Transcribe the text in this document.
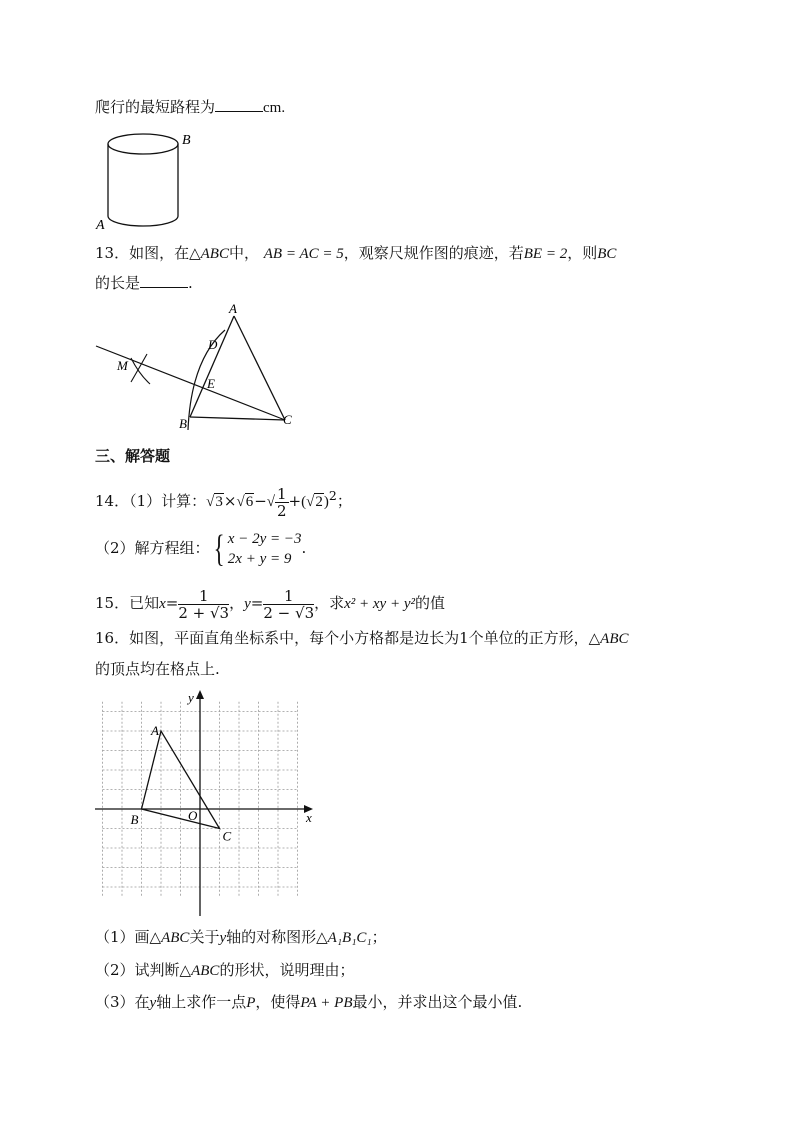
爬行的最短路程为	cm.
A
B
13．如图，在△ABC中， AB = AC = 5，观察尺规作图的痕迹，若BE = 2，则BC
的长是	.
A
D
E
M
B	C
三、解答题
14．（1）计算：$√3\times√6-√ \frac{1}{2} +(√2)^2$；
（2）解方程组：{ x − 2y = −3
2x + y = 9
.
15．已知$x= \frac{1}{2 + √3}$ ，$y= \frac{1}{2 - √3}$ ，求x² + xy + y²的值
16．如图，平面直角坐标系中，每个小方格都是边长为1个单位的正方形，△ABC
的顶点均在格点上.
x
y
O
A
B
C
（1）画△ABC关于y轴的对称图形△A₁B₁C₁；
（2）试判断△ABC的形状，说明理由；
（3）在y轴上求作一点P，使得PA + PB最小，并求出这个最小值.
